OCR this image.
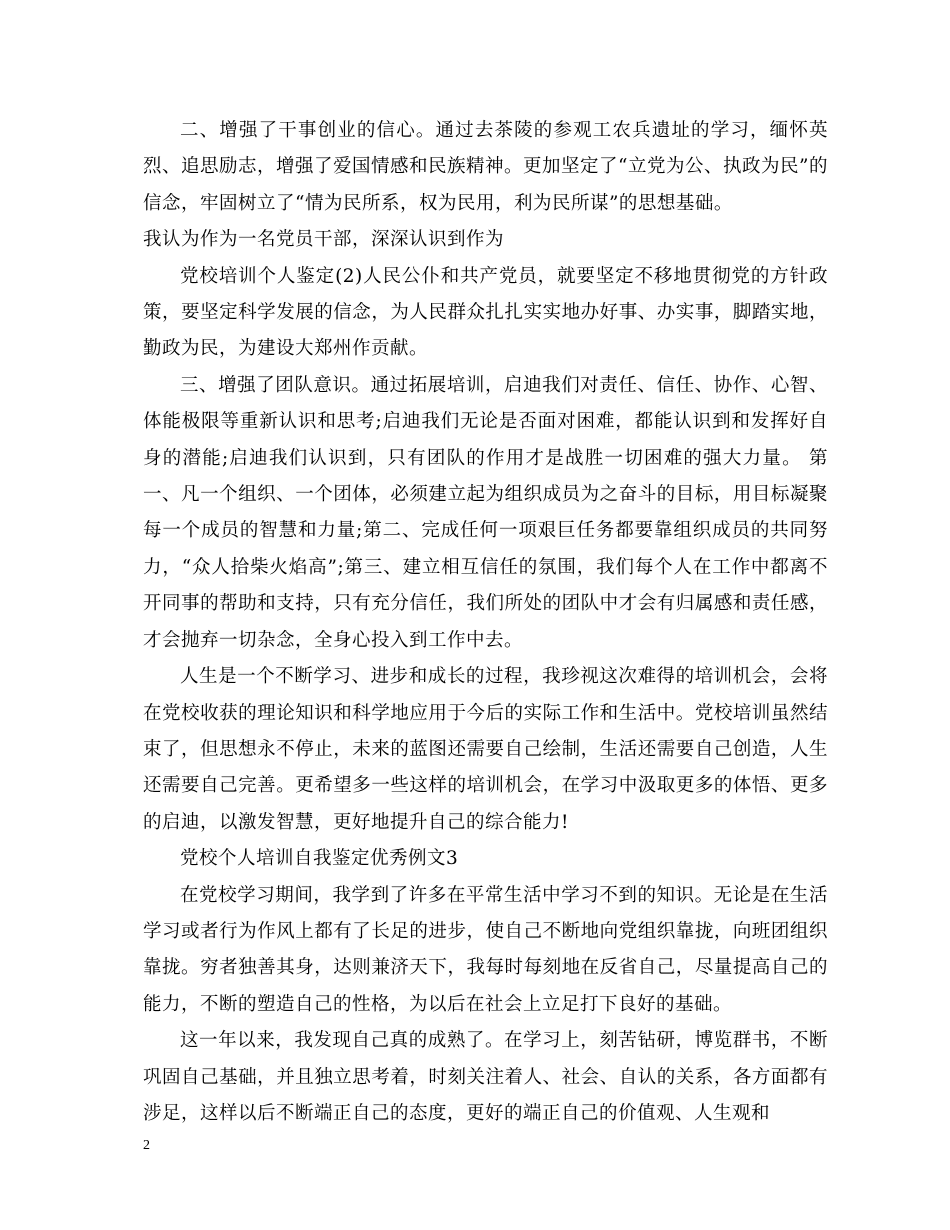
二、增强了干事创业的信心。通过去茶陵的参观工农兵遗址的学习，缅怀英烈、追思励志，增强了爱国情感和民族精神。更加坚定了“立党为公、执政为民”的信念，牢固树立了“情为民所系，权为民用，利为民所谋”的思想基础。

我认为作为一名党员干部，深深认识到作为

党校培训个人鉴定(2)人民公仆和共产党员，就要坚定不移地贯彻党的方针政策，要坚定科学发展的信念，为人民群众扎扎实实地办好事、办实事，脚踏实地，勤政为民，为建设大郑州作贡献。

三、增强了团队意识。通过拓展培训，启迪我们对责任、信任、协作、心智、体能极限等重新认识和思考;启迪我们无论是否面对困难，都能认识到和发挥好自身的潜能;启迪我们认识到，只有团队的作用才是战胜一切困难的强大力量。 第一、凡一个组织、一个团体，必须建立起为组织成员为之奋斗的目标，用目标凝聚每一个成员的智慧和力量;第二、完成任何一项艰巨任务都要靠组织成员的共同努力，“众人拾柴火焰高”;第三、建立相互信任的氛围，我们每个人在工作中都离不开同事的帮助和支持，只有充分信任，我们所处的团队中才会有归属感和责任感，才会抛弃一切杂念，全身心投入到工作中去。

人生是一个不断学习、进步和成长的过程，我珍视这次难得的培训机会，会将在党校收获的理论知识和科学地应用于今后的实际工作和生活中。党校培训虽然结束了，但思想永不停止，未来的蓝图还需要自己绘制，生活还需要自己创造，人生还需要自己完善。更希望多一些这样的培训机会，在学习中汲取更多的体悟、更多的启迪，以激发智慧，更好地提升自己的综合能力!

党校个人培训自我鉴定优秀例文3

在党校学习期间，我学到了许多在平常生活中学习不到的知识。无论是在生活学习或者行为作风上都有了长足的进步，使自己不断地向党组织靠拢，向班团组织靠拢。穷者独善其身，达则兼济天下，我每时每刻地在反省自己，尽量提高自己的能力，不断的塑造自己的性格，为以后在社会上立足打下良好的基础。

这一年以来，我发现自己真的成熟了。在学习上，刻苦钻研，博览群书，不断巩固自己基础，并且独立思考着，时刻关注着人、社会、自认的关系，各方面都有涉足，这样以后不断端正自己的态度，更好的端正自己的价值观、人生观和

2
